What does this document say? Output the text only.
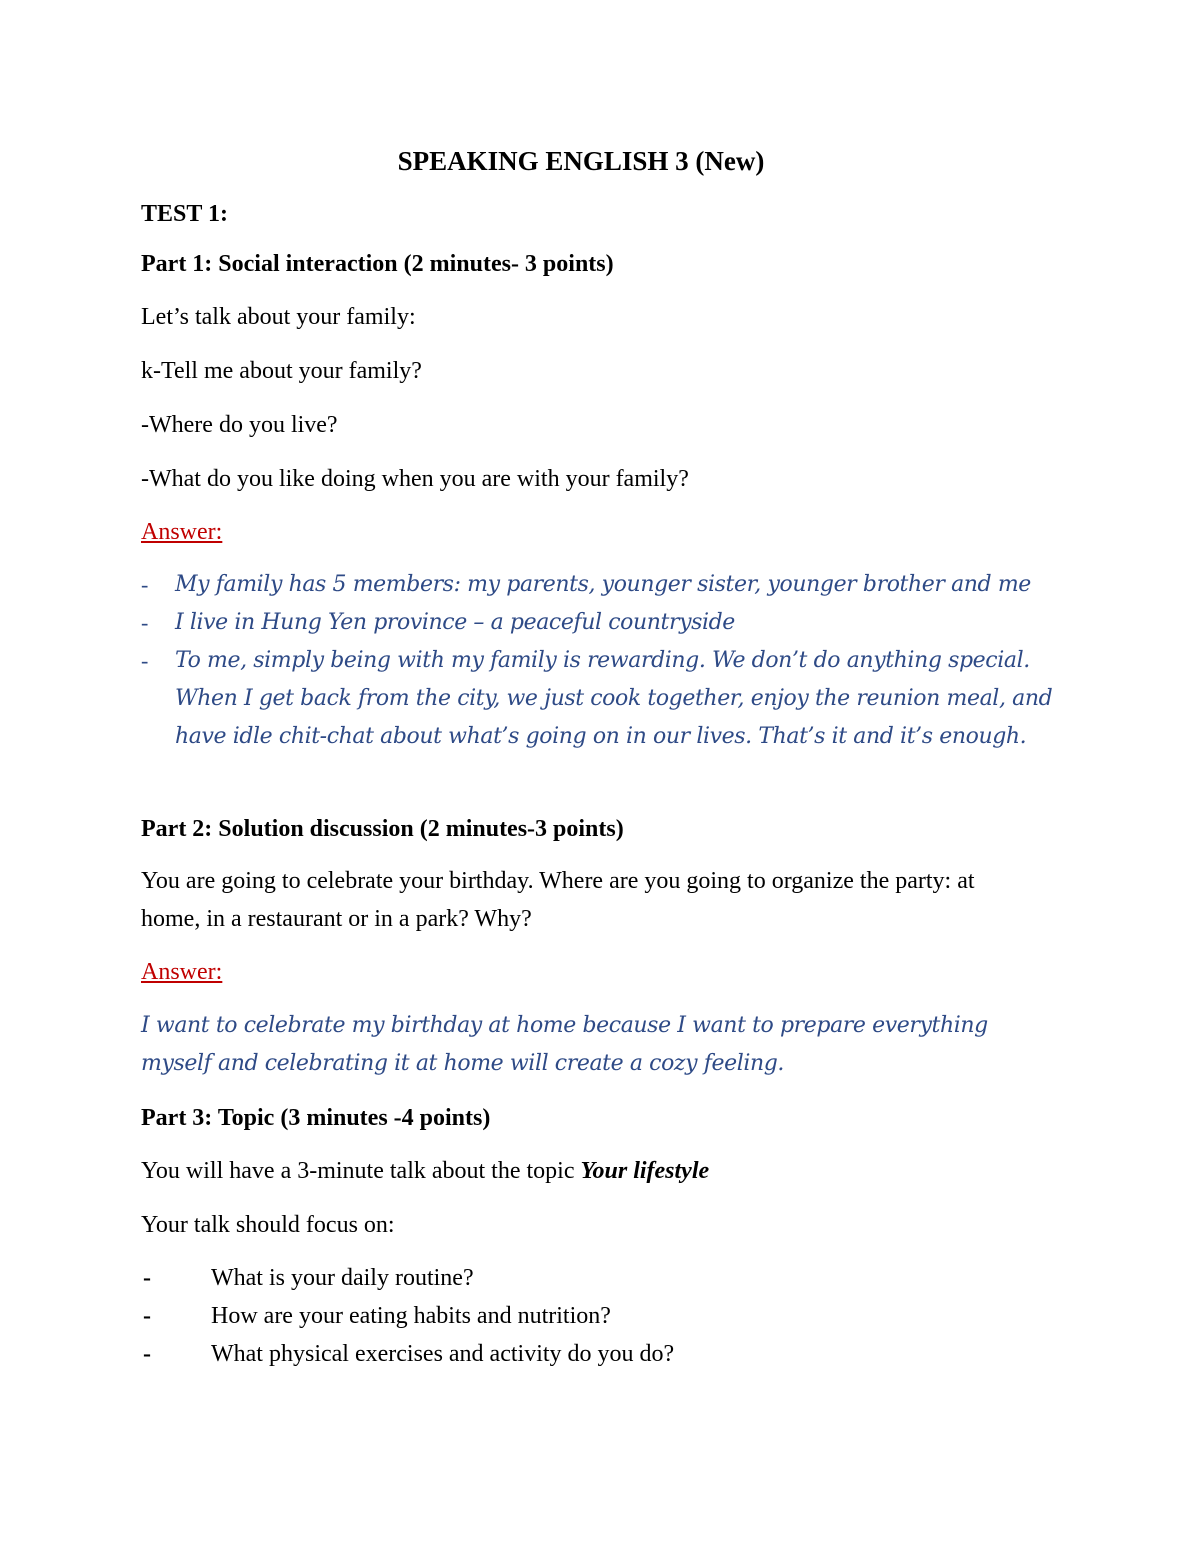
SPEAKING ENGLISH 3 (New)
TEST 1:
Part 1: Social interaction (2 minutes- 3 points)
Let’s talk about your family:
k-Tell me about your family?
-Where do you live?
-What do you like doing when you are with your family?
Answer:
- My family has 5 members: my parents, younger sister, younger brother and me
- I live in Hung Yen province – a peaceful countryside
- To me, simply being with my family is rewarding. We don’t do anything special. When I get back from the city, we just cook together, enjoy the reunion meal, and have idle chit-chat about what’s going on in our lives. That’s it and it’s enough.
Part 2: Solution discussion (2 minutes-3 points)
You are going to celebrate your birthday. Where are you going to organize the party: at home, in a restaurant or in a park? Why?
Answer:
I want to celebrate my birthday at home because I want to prepare everything myself and celebrating it at home will create a cozy feeling.
Part 3: Topic (3 minutes -4 points)
You will have a 3-minute talk about the topic Your lifestyle
Your talk should focus on:
-	What is your daily routine?
-	How are your eating habits and nutrition?
-	What physical exercises and activity do you do?
